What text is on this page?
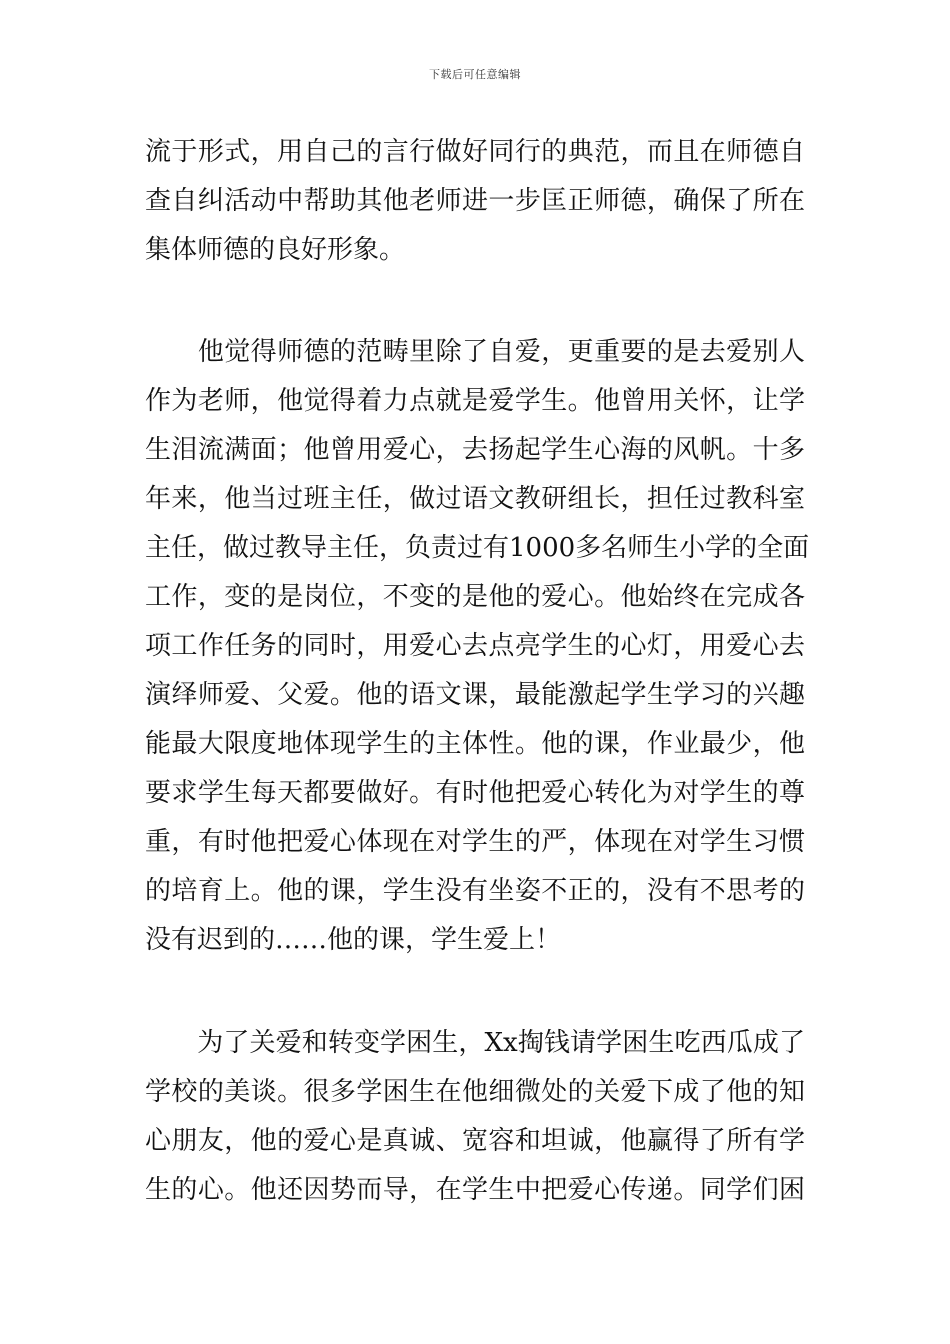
下载后可任意编辑
流于形式，用自己的言行做好同行的典范，而且在师德自
查自纠活动中帮助其他老师进一步匡正师德，确保了所在
集体师德的良好形象。
　　他觉得师德的范畴里除了自爱，更重要的是去爱别人
作为老师，他觉得着力点就是爱学生。他曾用关怀，让学
生泪流满面；他曾用爱心，去扬起学生心海的风帆。十多
年来，他当过班主任，做过语文教研组长，担任过教科室
主任，做过教导主任，负责过有1000多名师生小学的全面
工作，变的是岗位，不变的是他的爱心。他始终在完成各
项工作任务的同时，用爱心去点亮学生的心灯，用爱心去
演绎师爱、父爱。他的语文课，最能激起学生学习的兴趣
能最大限度地体现学生的主体性。他的课，作业最少，他
要求学生每天都要做好。有时他把爱心转化为对学生的尊
重，有时他把爱心体现在对学生的严，体现在对学生习惯
的培育上。他的课，学生没有坐姿不正的，没有不思考的
没有迟到的……他的课，学生爱上！
　　为了关爱和转变学困生，Xx掏钱请学困生吃西瓜成了
学校的美谈。很多学困生在他细微处的关爱下成了他的知
心朋友，他的爱心是真诚、宽容和坦诚，他赢得了所有学
生的心。他还因势而导，在学生中把爱心传递。同学们困
